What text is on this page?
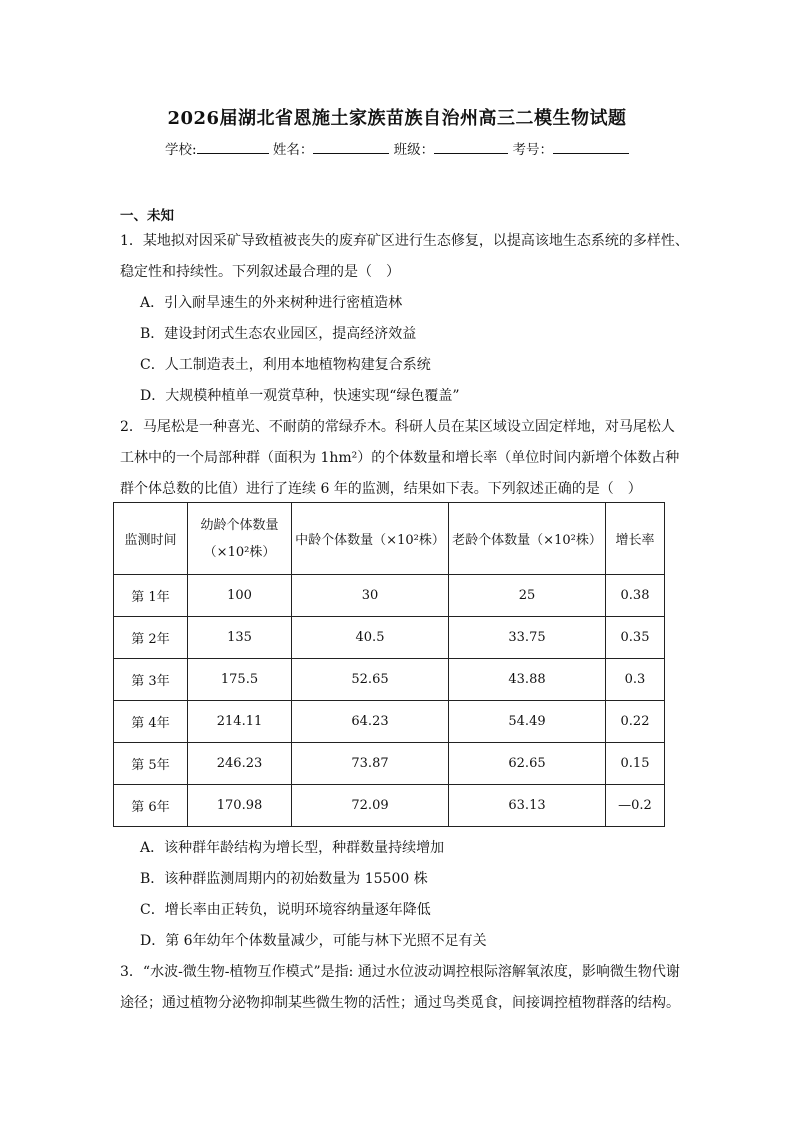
2026届湖北省恩施土家族苗族自治州高三二模生物试题
学校:	姓名：	班级：	考号：
一、未知
1．某地拟对因采矿导致植被丧失的废弃矿区进行生态修复，以提高该地生态系统的多样性、
稳定性和持续性。下列叙述最合理的是（　）
A．引入耐旱速生的外来树种进行密植造林
B．建设封闭式生态农业园区，提高经济效益
C．人工制造表土，利用本地植物构建复合系统
D．大规模种植单一观赏草种，快速实现“绿色覆盖”
2．马尾松是一种喜光、不耐荫的常绿乔木。科研人员在某区域设立固定样地，对马尾松人
工林中的一个局部种群（面积为 1hm²）的个体数量和增长率（单位时间内新增个体数占种
群个体总数的比值）进行了连续 6 年的监测，结果如下表。下列叙述正确的是（　）
监测时间	幼龄个体数量（×10²株）	中龄个体数量（×10²株）	老龄个体数量（×10²株）	增长率
第 1年	100	30	25	0.38
第 2年	135	40.5	33.75	0.35
第 3年	175.5	52.65	43.88	0.3
第 4年	214.11	64.23	54.49	0.22
第 5年	246.23	73.87	62.65	0.15
第 6年	170.98	72.09	63.13	—0.2
A．该种群年龄结构为增长型，种群数量持续增加
B．该种群监测周期内的初始数量为 15500 株
C．增长率由正转负，说明环境容纳量逐年降低
D．第 6年幼年个体数量减少，可能与林下光照不足有关
3．“水波-微生物-植物互作模式”是指: 通过水位波动调控根际溶解氧浓度，影响微生物代谢
途径；通过植物分泌物抑制某些微生物的活性；通过鸟类觅食，间接调控植物群落的结构。
